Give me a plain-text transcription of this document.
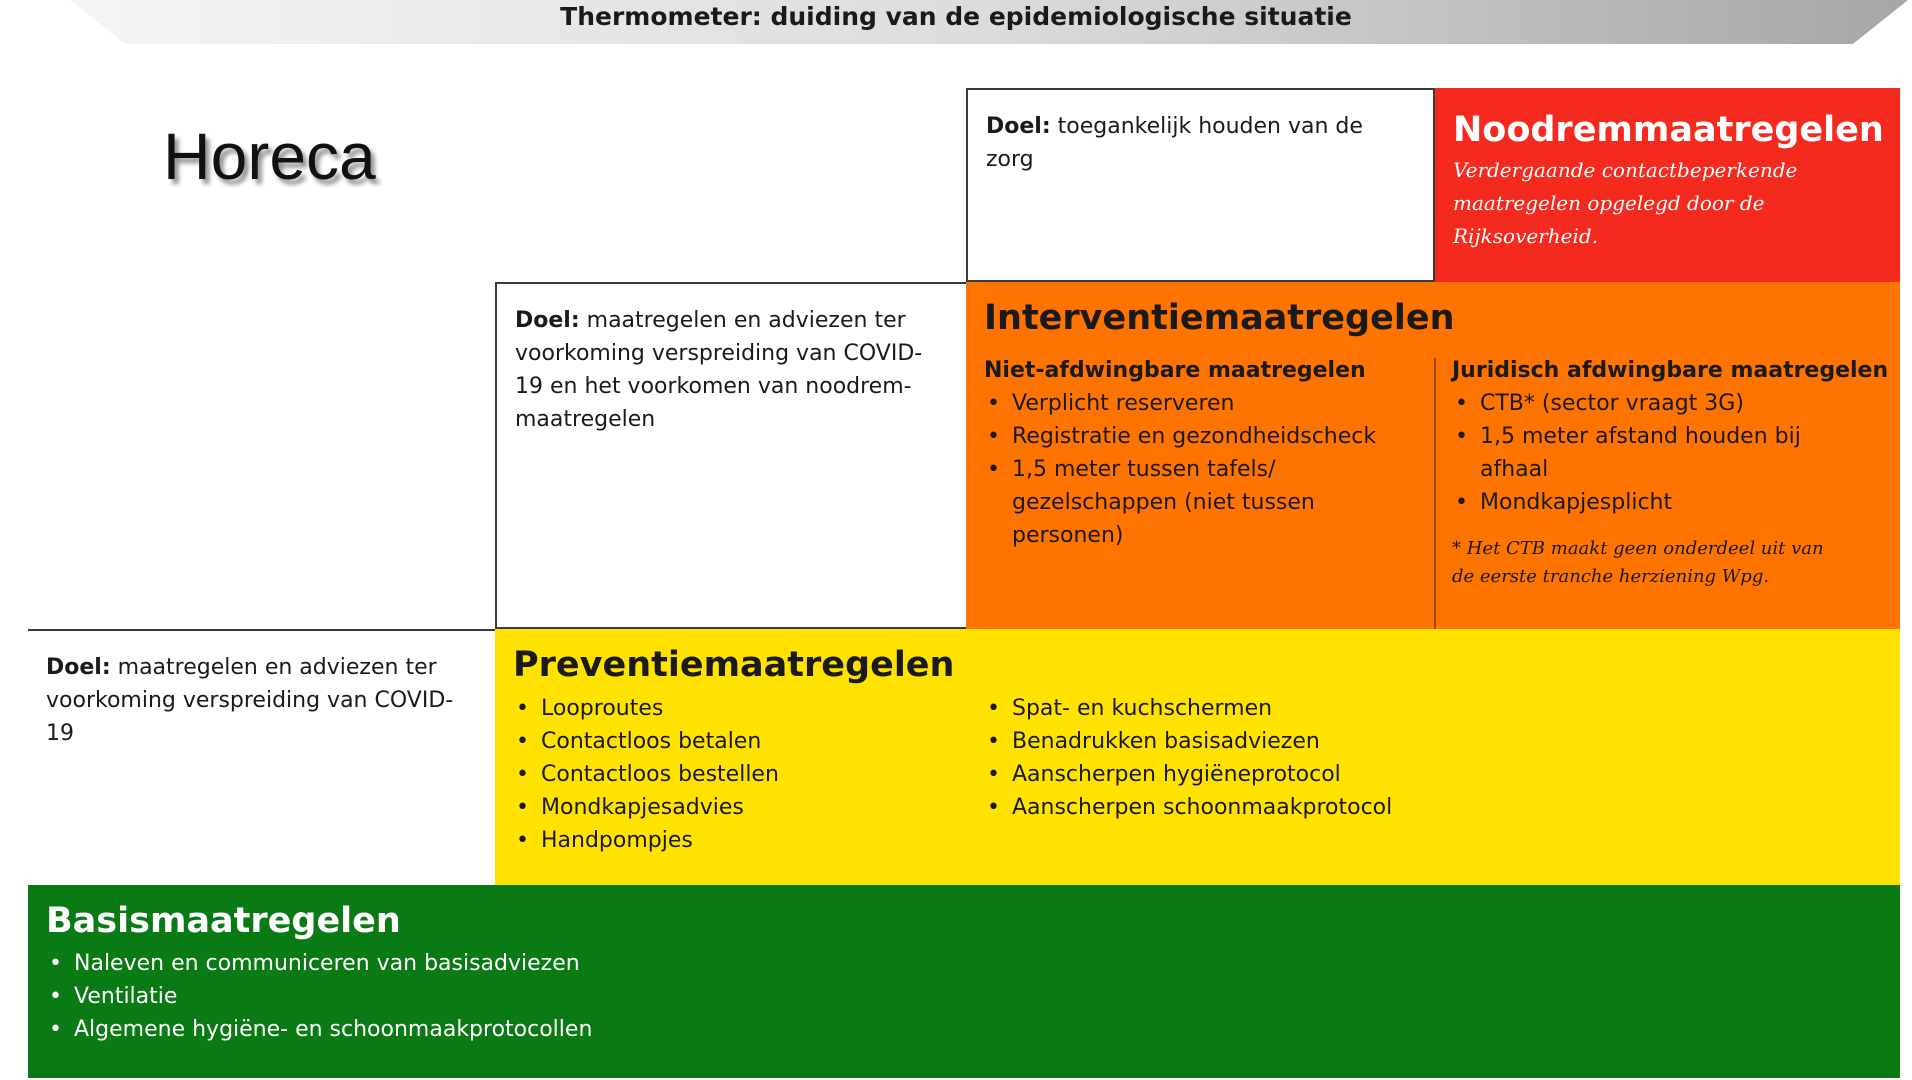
Thermometer: duiding van de epidemiologische situatie
Horeca	Doel: toegankelijk houden van de zorg
Noodremmaatregelen
Verdergaande contactbeperkende maatregelen opgelegd door de Rijksoverheid.
Doel: maatregelen en adviezen ter voorkoming verspreiding van COVID-19 en het voorkomen van noodrem-maatregelen
Interventiemaatregelen
Niet-afdwingbare maatregelen
• Verplicht reserveren
• Registratie en gezondheidscheck
• 1,5 meter tussen tafels/ gezelschappen (niet tussen personen)
Juridisch afdwingbare maatregelen
• CTB* (sector vraagt 3G)
• 1,5 meter afstand houden bij afhaal
• Mondkapjesplicht
* Het CTB maakt geen onderdeel uit van de eerste tranche herziening Wpg.
Doel: maatregelen en adviezen ter voorkoming verspreiding van COVID-19
Preventiemaatregelen
• Looproutes
• Contactloos betalen
• Contactloos bestellen
• Mondkapjesadvies
• Handpompjes
• Spat- en kuchschermen
• Benadrukken basisadviezen
• Aanscherpen hygiëneprotocol
• Aanscherpen schoonmaakprotocol
Basismaatregelen
• Naleven en communiceren van basisadviezen
• Ventilatie
• Algemene hygiëne- en schoonmaakprotocollen
